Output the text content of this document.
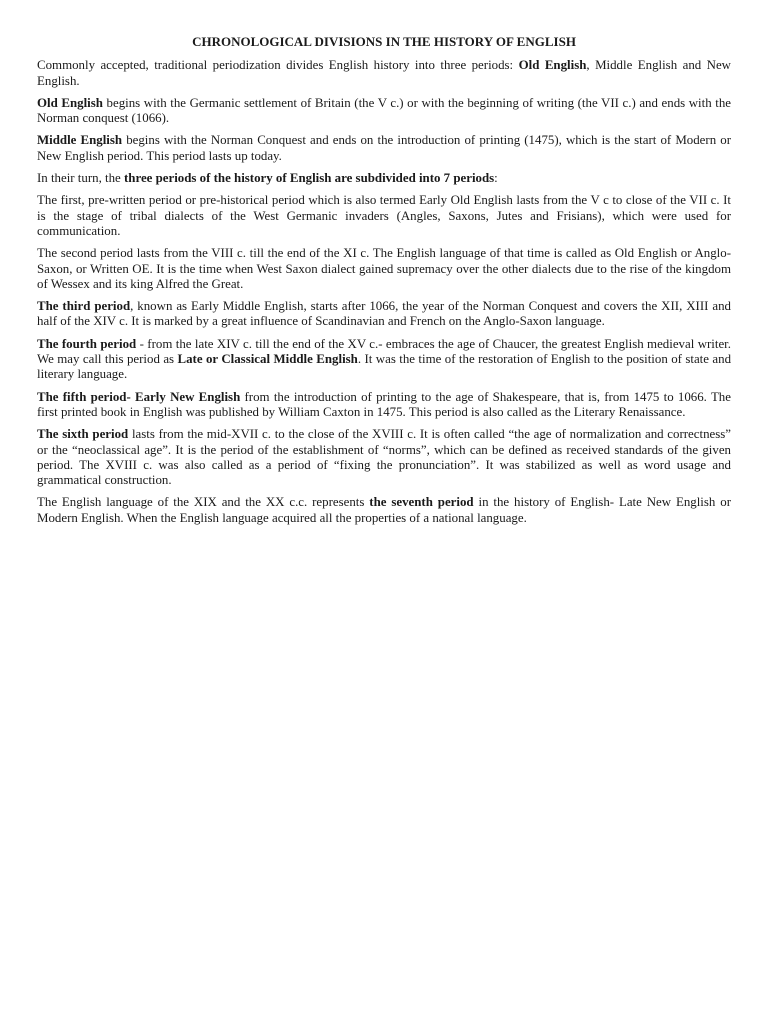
CHRONOLOGICAL DIVISIONS IN THE HISTORY OF ENGLISH

Commonly accepted, traditional periodization divides English history into three periods: Old English, Middle English and New English.

Old English begins with the Germanic settlement of Britain (the V c.) or with the beginning of writing (the VII c.) and ends with the Norman conquest (1066).

Middle English begins with the Norman Conquest and ends on the introduction of printing (1475), which is the start of Modern or New English period. This period lasts up today.

In their turn, the three periods of the history of English are subdivided into 7 periods:

The first, pre-written period or pre-historical period which is also termed Early Old English lasts from the V c to close of the VII c. It is the stage of tribal dialects of the West Germanic invaders (Angles, Saxons, Jutes and Frisians), which were used for communication.

The second period lasts from the VIII c. till the end of the XI c. The English language of that time is called as Old English or Anglo-Saxon, or Written OE. It is the time when West Saxon dialect gained supremacy over the other dialects due to the rise of the kingdom of Wessex and its king Alfred the Great.

The third period, known as Early Middle English, starts after 1066, the year of the Norman Conquest and covers the XII, XIII and half of the XIV c. It is marked by a great influence of Scandinavian and French on the Anglo-Saxon language.

The fourth period - from the late XIV c. till the end of the XV c.- embraces the age of Chaucer, the greatest English medieval writer. We may call this period as Late or Classical Middle English. It was the time of the restoration of English to the position of state and literary language.

The fifth period- Early New English from the introduction of printing to the age of Shakespeare, that is, from 1475 to 1066. The first printed book in English was published by William Caxton in 1475. This period is also called as the Literary Renaissance.

The sixth period lasts from the mid-XVII c. to the close of the XVIII c. It is often called “the age of normalization and correctness” or the “neoclassical age”. It is the period of the establishment of “norms”, which can be defined as received standards of the given period. The XVIII c. was also called as a period of “fixing the pronunciation”. It was stabilized as well as word usage and grammatical construction.

The English language of the XIX and the XX c.c. represents the seventh period in the history of English- Late New English or Modern English. When the English language acquired all the properties of a national language.
